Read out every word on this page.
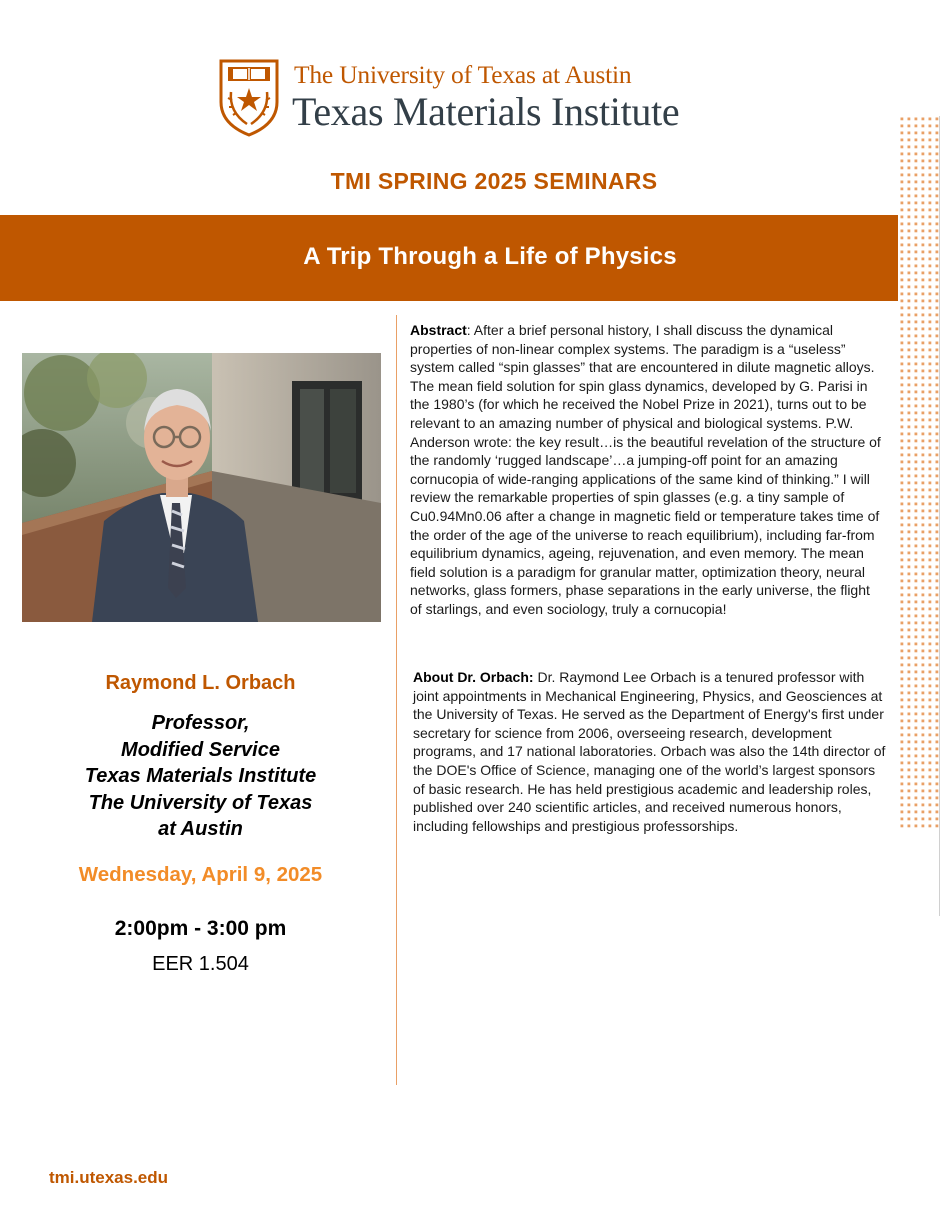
The University of Texas at Austin
Texas Materials Institute
TMI SPRING 2025 SEMINARS
A Trip Through a Life of Physics
Raymond L. Orbach
Professor,
Modified Service
Texas Materials Institute
The University of Texas
at Austin
Wednesday, April 9, 2025
2:00pm - 3:00 pm
EER 1.504
Abstract: After a brief personal history, I shall discuss the dynamical properties of non-linear complex systems. The paradigm is a “useless” system called “spin glasses” that are encountered in dilute magnetic alloys. The mean field solution for spin glass dynamics, developed by G. Parisi in the 1980’s (for which he received the Nobel Prize in 2021), turns out to be relevant to an amazing number of physical and biological systems. P.W. Anderson wrote: the key result…is the beautiful revelation of the structure of the randomly ‘rugged landscape’…a jumping-off point for an amazing cornucopia of wide-ranging applications of the same kind of thinking.” I will review the remarkable properties of spin glasses (e.g. a tiny sample of Cu0.94Mn0.06 after a change in magnetic field or temperature takes time of the order of the age of the universe to reach equilibrium), including far-from equilibrium dynamics, ageing, rejuvenation, and even memory. The mean field solution is a paradigm for granular matter, optimization theory, neural networks, glass formers, phase separations in the early universe, the flight of starlings, and even sociology, truly a cornucopia!
About Dr. Orbach: Dr. Raymond Lee Orbach is a tenured professor with joint appointments in Mechanical Engineering, Physics, and Geosciences at the University of Texas. He served as the Department of Energy's first under secretary for science from 2006, overseeing research, development programs, and 17 national laboratories. Orbach was also the 14th director of the DOE's Office of Science, managing one of the world’s largest sponsors of basic research. He has held prestigious academic and leadership roles, published over 240 scientific articles, and received numerous honors, including fellowships and prestigious professorships.
tmi.utexas.edu
